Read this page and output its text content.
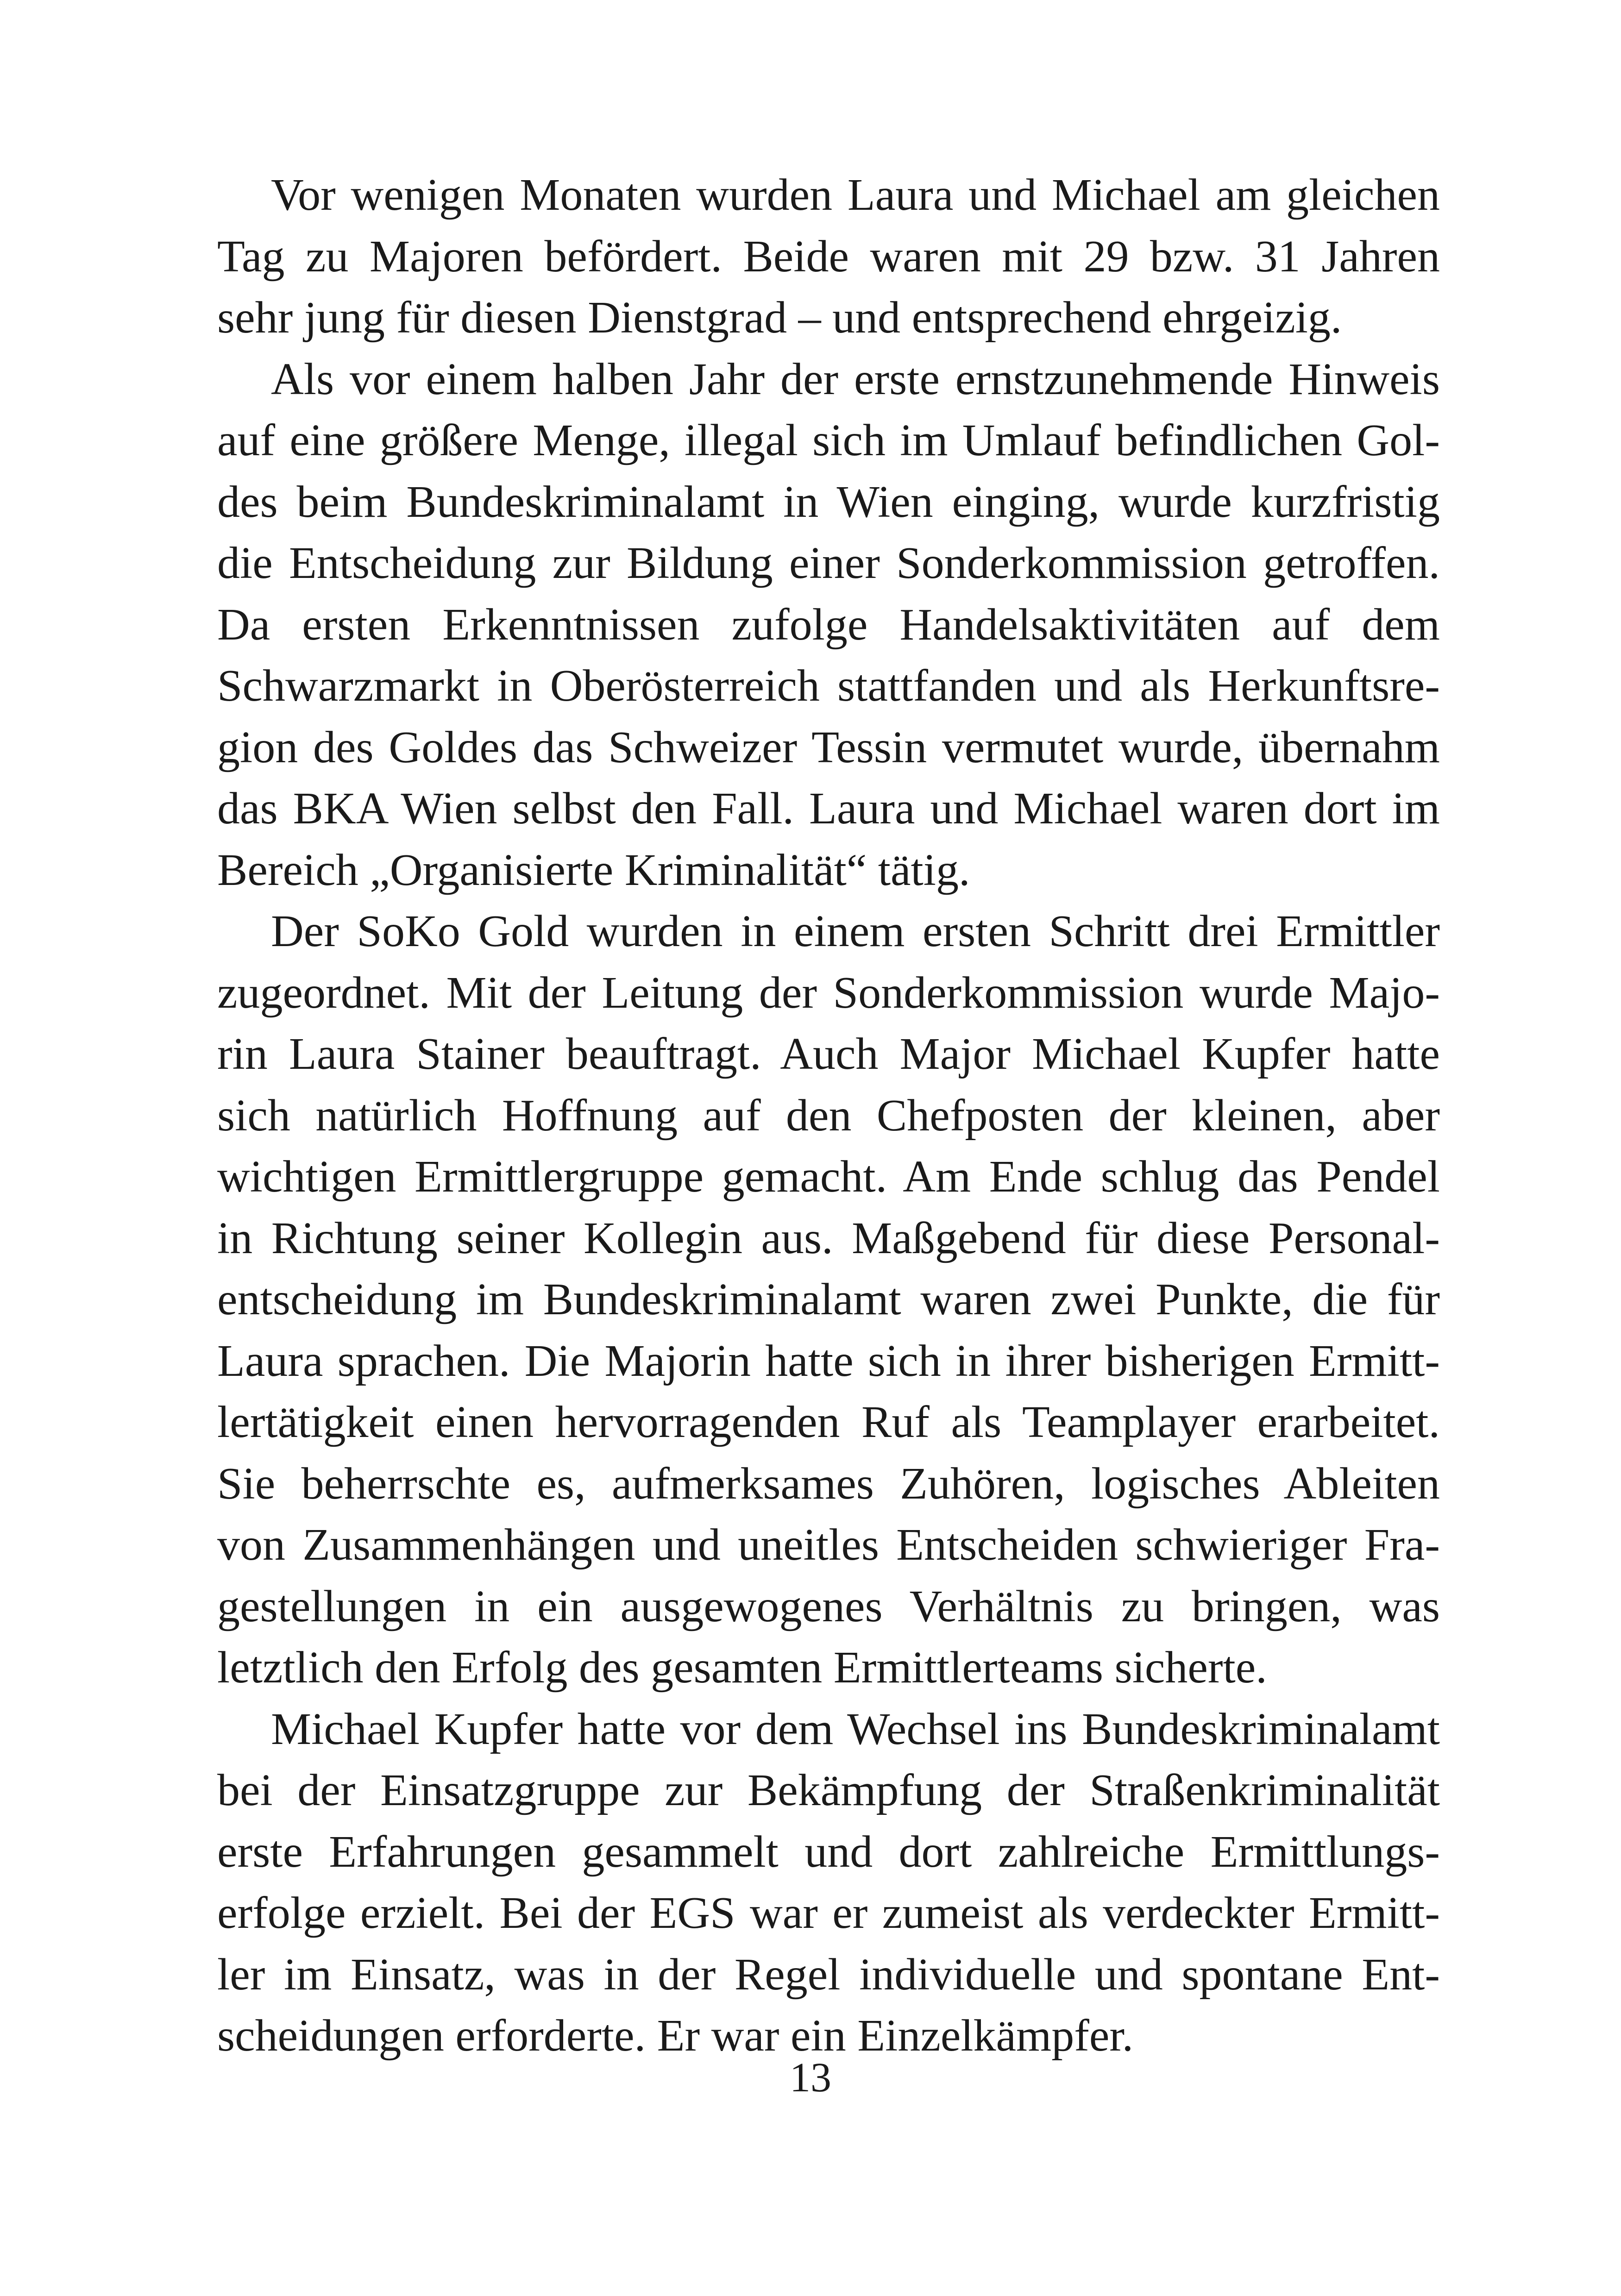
Vor wenigen Monaten wurden Laura und Michael am gleichen
Tag zu Majoren befördert. Beide waren mit 29 bzw. 31 Jahren
sehr jung für diesen Dienstgrad – und entsprechend ehrgeizig.

Als vor einem halben Jahr der erste ernstzunehmende Hinweis
auf eine größere Menge, illegal sich im Umlauf befindlichen Gol-
des beim Bundeskriminalamt in Wien einging, wurde kurzfristig
die Entscheidung zur Bildung einer Sonderkommission getroffen.
Da ersten Erkenntnissen zufolge Handelsaktivitäten auf dem
Schwarzmarkt in Oberösterreich stattfanden und als Herkunftsre-
gion des Goldes das Schweizer Tessin vermutet wurde, übernahm
das BKA Wien selbst den Fall. Laura und Michael waren dort im
Bereich „Organisierte Kriminalität“ tätig.

Der SoKo Gold wurden in einem ersten Schritt drei Ermittler
zugeordnet. Mit der Leitung der Sonderkommission wurde Majo-
rin Laura Stainer beauftragt. Auch Major Michael Kupfer hatte
sich natürlich Hoffnung auf den Chefposten der kleinen, aber
wichtigen Ermittlergruppe gemacht. Am Ende schlug das Pendel
in Richtung seiner Kollegin aus. Maßgebend für diese Personal-
entscheidung im Bundeskriminalamt waren zwei Punkte, die für
Laura sprachen. Die Majorin hatte sich in ihrer bisherigen Ermitt-
lertätigkeit einen hervorragenden Ruf als Teamplayer erarbeitet.
Sie beherrschte es, aufmerksames Zuhören, logisches Ableiten
von Zusammenhängen und uneitles Entscheiden schwieriger Fra-
gestellungen in ein ausgewogenes Verhältnis zu bringen, was
letztlich den Erfolg des gesamten Ermittlerteams sicherte.

Michael Kupfer hatte vor dem Wechsel ins Bundeskriminalamt
bei der Einsatzgruppe zur Bekämpfung der Straßenkriminalität
erste Erfahrungen gesammelt und dort zahlreiche Ermittlungs-
erfolge erzielt. Bei der EGS war er zumeist als verdeckter Ermitt-
ler im Einsatz, was in der Regel individuelle und spontane Ent-
scheidungen erforderte. Er war ein Einzelkämpfer.

13
